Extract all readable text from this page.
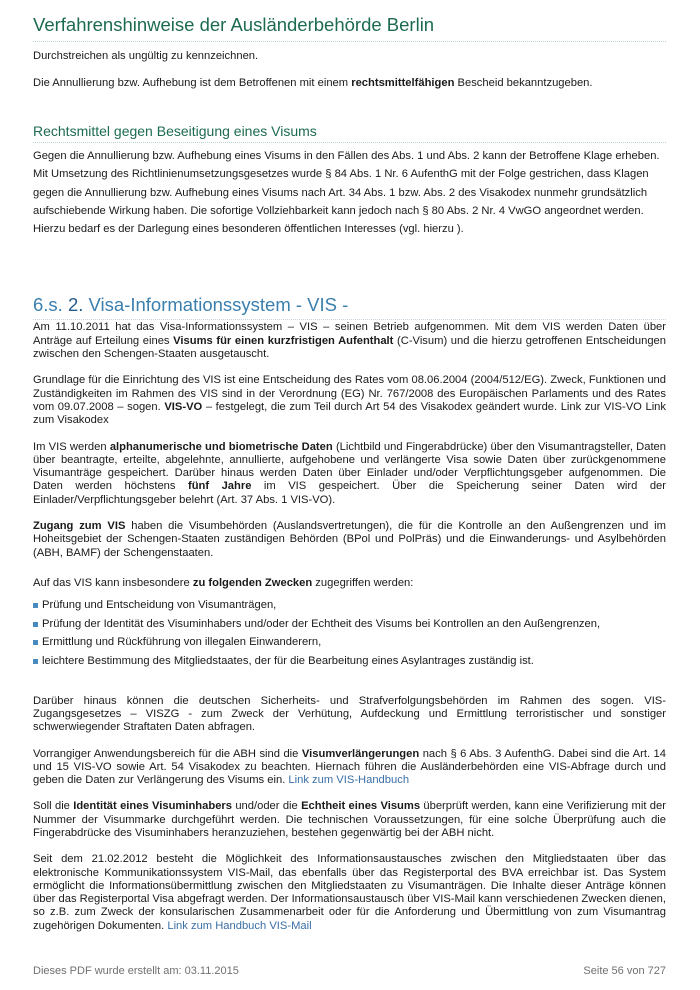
Verfahrenshinweise der Ausländerbehörde Berlin

Durchstreichen als ungültig zu kennzeichnen.

Die Annullierung bzw. Aufhebung ist dem Betroffenen mit einem rechtsmittelfähigen Bescheid bekanntzugeben.

Rechtsmittel gegen Beseitigung eines Visums

Gegen die Annullierung bzw. Aufhebung eines Visums in den Fällen des Abs. 1 und Abs. 2 kann der Betroffene Klage erheben. Mit Umsetzung des Richtlinienumsetzungsgesetzes wurde § 84 Abs. 1 Nr. 6 AufenthG mit der Folge gestrichen, dass Klagen gegen die Annullierung bzw. Aufhebung eines Visums nach Art. 34 Abs. 1 bzw. Abs. 2 des Visakodex nunmehr grundsätzlich aufschiebende Wirkung haben. Die sofortige Vollziehbarkeit kann jedoch nach § 80 Abs. 2 Nr. 4 VwGO angeordnet werden. Hierzu bedarf es der Darlegung eines besonderen öffentlichen Interesses (vgl. hierzu ).

6.s. 2. Visa-Informationssystem - VIS -

Am 11.10.2011 hat das Visa-Informationssystem – VIS – seinen Betrieb aufgenommen. Mit dem VIS werden Daten über Anträge auf Erteilung eines Visums für einen kurzfristigen Aufenthalt (C-Visum) und die hierzu getroffenen Entscheidungen zwischen den Schengen-Staaten ausgetauscht.

Grundlage für die Einrichtung des VIS ist eine Entscheidung des Rates vom 08.06.2004 (2004/512/EG). Zweck, Funktionen und Zuständigkeiten im Rahmen des VIS sind in der Verordnung (EG) Nr. 767/2008 des Europäischen Parlaments und des Rates vom 09.07.2008 – sogen. VIS-VO – festgelegt, die zum Teil durch Art 54 des Visakodex geändert wurde. Link zur VIS-VO Link zum Visakodex

Im VIS werden alphanumerische und biometrische Daten (Lichtbild und Fingerabdrücke) über den Visumantragsteller, Daten über beantragte, erteilte, abgelehnte, annullierte, aufgehobene und verlängerte Visa sowie Daten über zurückgenommene Visumanträge gespeichert. Darüber hinaus werden Daten über Einlader und/oder Verpflichtungsgeber aufgenommen. Die Daten werden höchstens fünf Jahre im VIS gespeichert. Über die Speicherung seiner Daten wird der Einlader/Verpflichtungsgeber belehrt (Art. 37 Abs. 1 VIS-VO).

Zugang zum VIS haben die Visumbehörden (Auslandsvertretungen), die für die Kontrolle an den Außengrenzen und im Hoheitsgebiet der Schengen-Staaten zuständigen Behörden (BPol und PolPräs) und die Einwanderungs- und Asylbehörden (ABH, BAMF) der Schengenstaaten.

Auf das VIS kann insbesondere zu folgenden Zwecken zugegriffen werden:

Prüfung und Entscheidung von Visumanträgen,
Prüfung der Identität des Visuminhabers und/oder der Echtheit des Visums bei Kontrollen an den Außengrenzen,
Ermittlung und Rückführung von illegalen Einwanderern,
leichtere Bestimmung des Mitgliedstaates, der für die Bearbeitung eines Asylantrages zuständig ist.

Darüber hinaus können die deutschen Sicherheits- und Strafverfolgungsbehörden im Rahmen des sogen. VIS-Zugangsgesetzes – VISZG - zum Zweck der Verhütung, Aufdeckung und Ermittlung terroristischer und sonstiger schwerwiegender Straftaten Daten abfragen.

Vorrangiger Anwendungsbereich für die ABH sind die Visumverlängerungen nach § 6 Abs. 3 AufenthG. Dabei sind die Art. 14 und 15 VIS-VO sowie Art. 54 Visakodex zu beachten. Hiernach führen die Ausländerbehörden eine VIS-Abfrage durch und geben die Daten zur Verlängerung des Visums ein. Link zum VIS-Handbuch

Soll die Identität eines Visuminhabers und/oder die Echtheit eines Visums überprüft werden, kann eine Verifizierung mit der Nummer der Visummarke durchgeführt werden. Die technischen Voraussetzungen, für eine solche Überprüfung auch die Fingerabdrücke des Visuminhabers heranzuziehen, bestehen gegenwärtig bei der ABH nicht.

Seit dem 21.02.2012 besteht die Möglichkeit des Informationsaustausches zwischen den Mitgliedstaaten über das elektronische Kommunikationssystem VIS-Mail, das ebenfalls über das Registerportal des BVA erreichbar ist. Das System ermöglicht die Informationsübermittlung zwischen den Mitgliedstaaten zu Visumanträgen. Die Inhalte dieser Anträge können über das Registerportal Visa abgefragt werden. Der Informationsaustausch über VIS-Mail kann verschiedenen Zwecken dienen, so z.B. zum Zweck der konsularischen Zusammenarbeit oder für die Anforderung und Übermittlung von zum Visumantrag zugehörigen Dokumenten. Link zum Handbuch VIS-Mail

Dieses PDF wurde erstellt am: 03.11.2015	Seite 56 von 727
